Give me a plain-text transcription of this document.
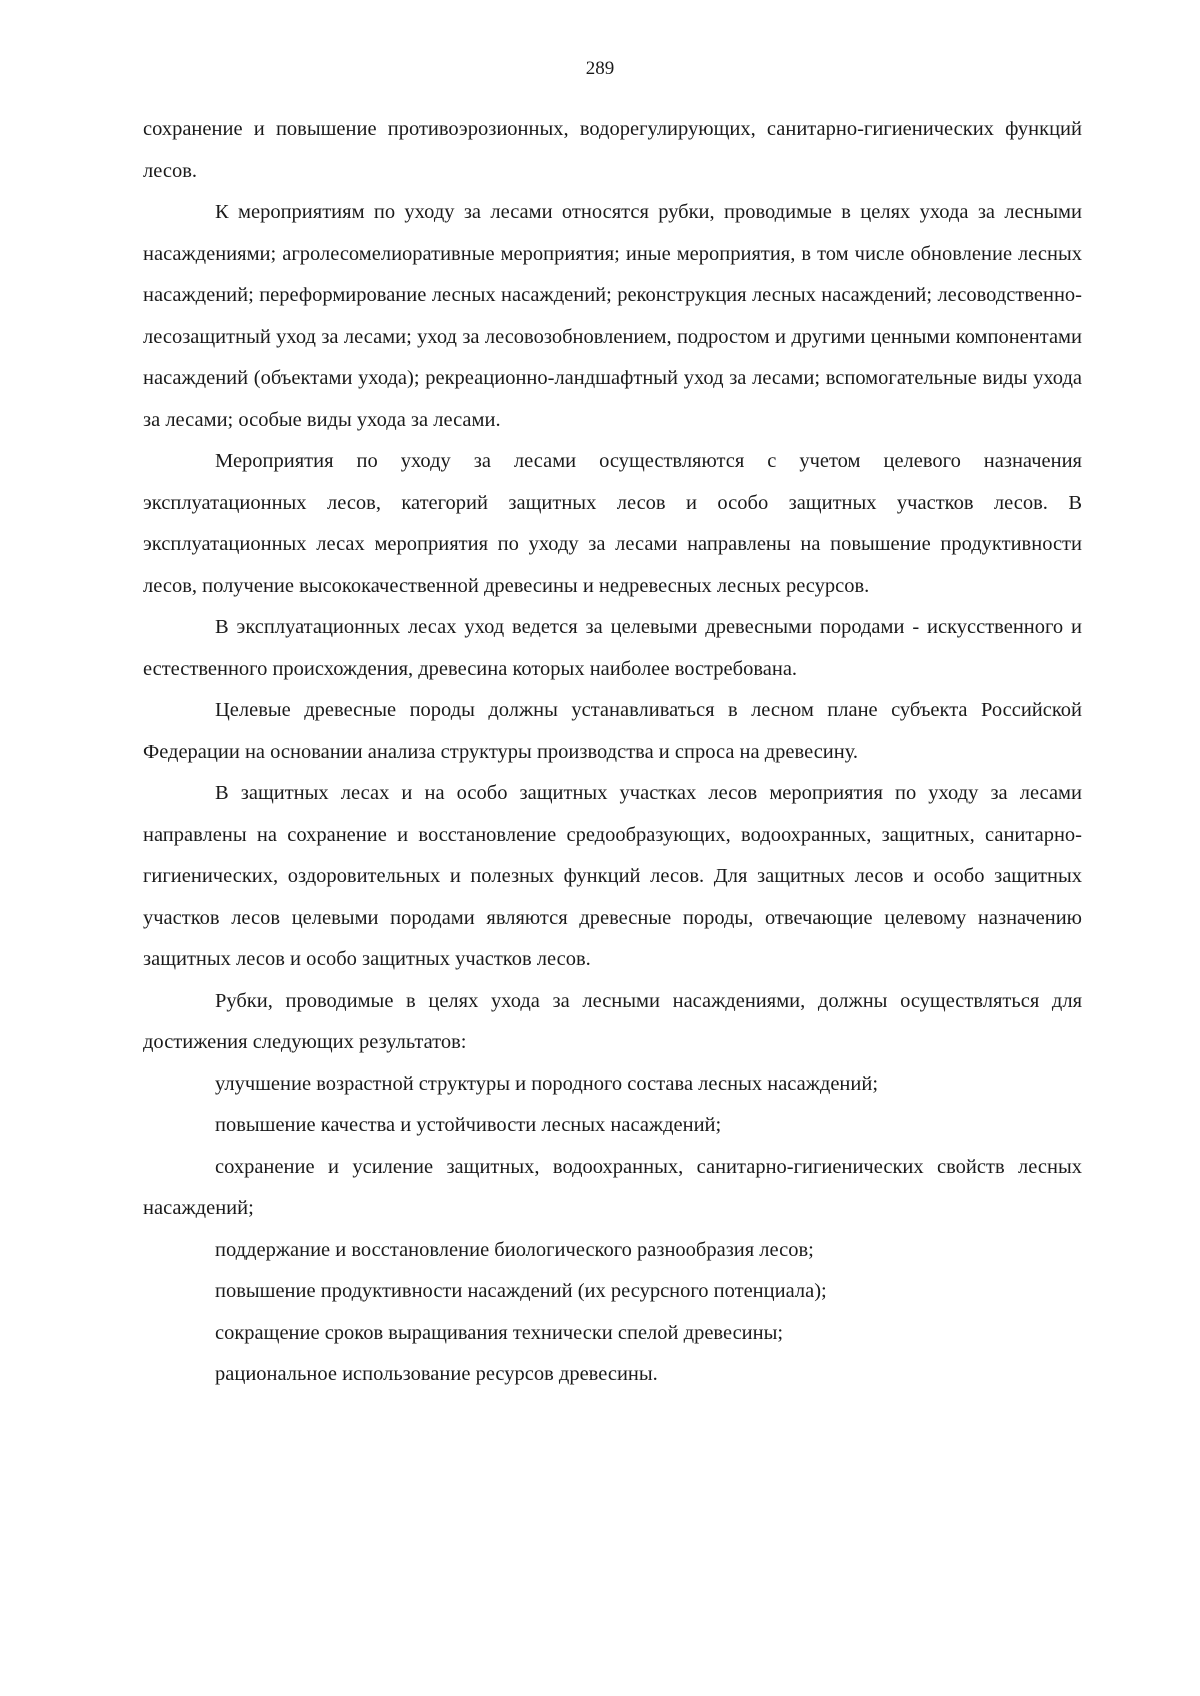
289

сохранение и повышение противоэрозионных, водорегулирующих, санитарно-гигиенических функций лесов.

К мероприятиям по уходу за лесами относятся рубки, проводимые в целях ухода за лесными насаждениями; агролесомелиоративные мероприятия; иные мероприятия, в том числе обновление лесных насаждений; переформирование лесных насаждений; реконструкция лесных насаждений; лесоводственно-лесозащитный уход за лесами; уход за лесовозобновлением, подростом и другими ценными компонентами насаждений (объектами ухода); рекреационно-ландшафтный уход за лесами; вспомогательные виды ухода за лесами; особые виды ухода за лесами.

Мероприятия по уходу за лесами осуществляются с учетом целевого назначения эксплуатационных лесов, категорий защитных лесов и особо защитных участков лесов. В эксплуатационных лесах мероприятия по уходу за лесами направлены на повышение продуктивности лесов, получение высококачественной древесины и недревесных лесных ресурсов.

В эксплуатационных лесах уход ведется за целевыми древесными породами - искусственного и естественного происхождения, древесина которых наиболее востребована.

Целевые древесные породы должны устанавливаться в лесном плане субъекта Российской Федерации на основании анализа структуры производства и спроса на древесину.

В защитных лесах и на особо защитных участках лесов мероприятия по уходу за лесами направлены на сохранение и восстановление средообразующих, водоохранных, защитных, санитарно-гигиенических, оздоровительных и полезных функций лесов. Для защитных лесов и особо защитных участков лесов целевыми породами являются древесные породы, отвечающие целевому назначению защитных лесов и особо защитных участков лесов.

Рубки, проводимые в целях ухода за лесными насаждениями, должны осуществляться для достижения следующих результатов:

улучшение возрастной структуры и породного состава лесных насаждений;

повышение качества и устойчивости лесных насаждений;

сохранение и усиление защитных, водоохранных, санитарно-гигиенических свойств лесных насаждений;

поддержание и восстановление биологического разнообразия лесов;

повышение продуктивности насаждений (их ресурсного потенциала);

сокращение сроков выращивания технически спелой древесины;

рациональное использование ресурсов древесины.
